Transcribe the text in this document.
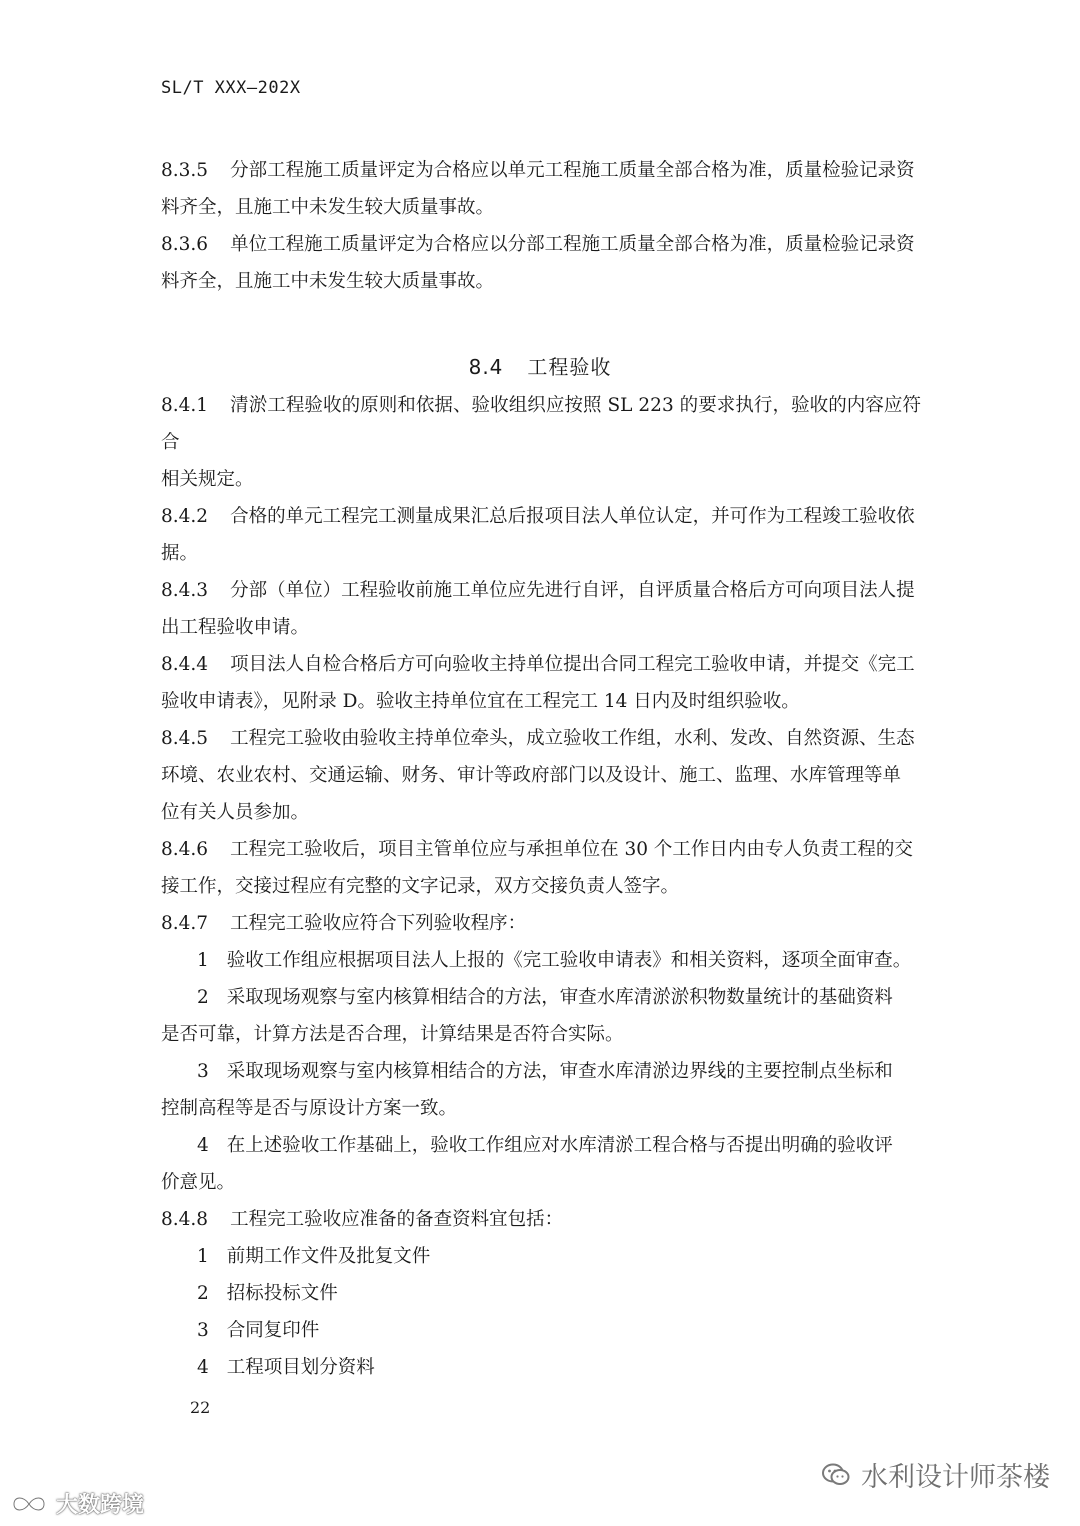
SL/T XXX—202X

8.3.5 分部工程施工质量评定为合格应以单元工程施工质量全部合格为准，质量检验记录资

料齐全，且施工中未发生较大质量事故。

8.3.6 单位工程施工质量评定为合格应以分部工程施工质量全部合格为准，质量检验记录资

料齐全，且施工中未发生较大质量事故。

8.4 工程验收

8.4.1 清淤工程验收的原则和依据、验收组织应按照 SL 223 的要求执行，验收的内容应符合

相关规定。

8.4.2 合格的单元工程完工测量成果汇总后报项目法人单位认定，并可作为工程竣工验收依

据。

8.4.3 分部（单位）工程验收前施工单位应先进行自评，自评质量合格后方可向项目法人提

出工程验收申请。

8.4.4 项目法人自检合格后方可向验收主持单位提出合同工程完工验收申请，并提交《完工

验收申请表》，见附录 D。验收主持单位宜在工程完工 14 日内及时组织验收。

8.4.5 工程完工验收由验收主持单位牵头，成立验收工作组，水利、发改、自然资源、生态

环境、农业农村、交通运输、财务、审计等政府部门以及设计、施工、监理、水库管理等单

位有关人员参加。

8.4.6 工程完工验收后，项目主管单位应与承担单位在 30 个工作日内由专人负责工程的交

接工作，交接过程应有完整的文字记录，双方交接负责人签字。

8.4.7 工程完工验收应符合下列验收程序：

1 验收工作组应根据项目法人上报的《完工验收申请表》和相关资料，逐项全面审查。

2 采取现场观察与室内核算相结合的方法，审查水库清淤淤积物数量统计的基础资料

是否可靠，计算方法是否合理，计算结果是否符合实际。

3 采取现场观察与室内核算相结合的方法，审查水库清淤边界线的主要控制点坐标和

控制高程等是否与原设计方案一致。

4 在上述验收工作基础上，验收工作组应对水库清淤工程合格与否提出明确的验收评

价意见。

8.4.8 工程完工验收应准备的备查资料宜包括：

1 前期工作文件及批复文件

2 招标投标文件

3 合同复印件

4 工程项目划分资料

22
水利设计师茶楼
大数跨境
